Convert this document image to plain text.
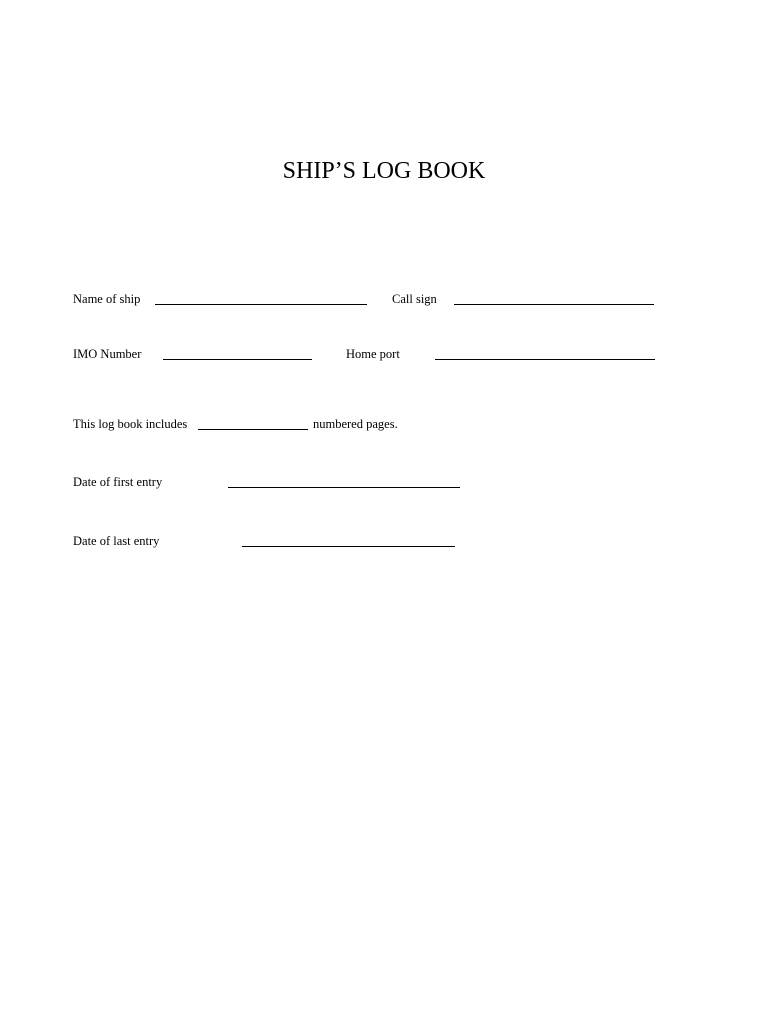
SHIP’S LOG BOOK
Name of ship	Call sign
IMO Number	Home port
This log book includes	numbered pages.
Date of first entry
Date of last entry
